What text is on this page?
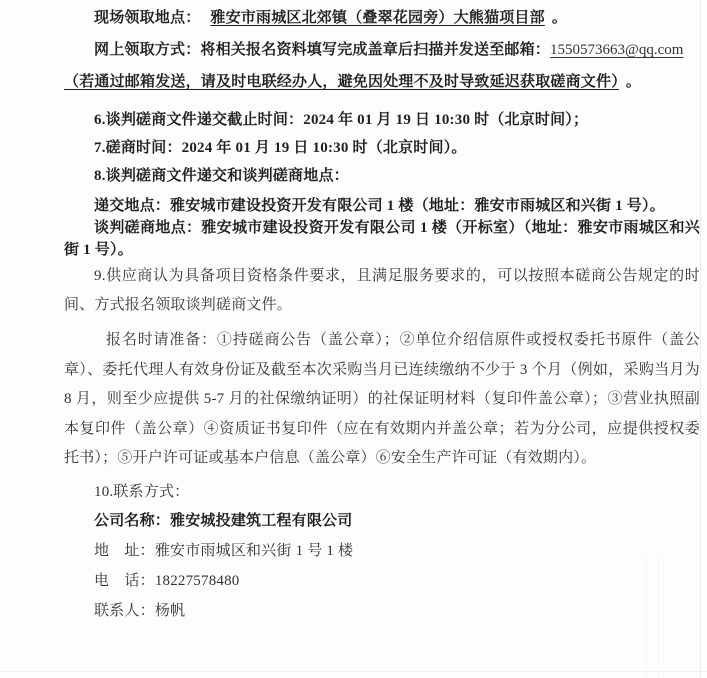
现场领取地点： 雅安市雨城区北郊镇（叠翠花园旁）大熊猫项目部 。

网上领取方式：将相关报名资料填写完成盖章后扫描并发送至邮箱：1550573663@qq.com

（若通过邮箱发送，请及时电联经办人，避免因处理不及时导致延迟获取磋商文件） 。

6.谈判磋商文件递交截止时间：2024 年 01 月 19 日 10:30 时（北京时间）；

7.磋商时间：2024 年 01 月 19 日 10:30 时（北京时间）。

8.谈判磋商文件递交和谈判磋商地点：

递交地点：雅安城市建设投资开发有限公司 1 楼（地址：雅安市雨城区和兴街 1 号）。

谈判磋商地点：雅安城市建设投资开发有限公司 1 楼（开标室）（地址：雅安市雨城区和兴街 1 号）。

9.供应商认为具备项目资格条件要求，且满足服务要求的，可以按照本磋商公告规定的时间、方式报名领取谈判磋商文件。

报名时请准备：①持磋商公告（盖公章）；②单位介绍信原件或授权委托书原件（盖公章）、委托代理人有效身份证及截至本次采购当月已连续缴纳不少于 3 个月（例如，采购当月为 8 月，则至少应提供 5-7 月的社保缴纳证明）的社保证明材料（复印件盖公章）；③营业执照副本复印件（盖公章）④资质证书复印件（应在有效期内并盖公章；若为分公司，应提供授权委托书）；⑤开户许可证或基本户信息（盖公章）⑥安全生产许可证（有效期内）。

10.联系方式：

公司名称：雅安城投建筑工程有限公司

地　址：雅安市雨城区和兴街 1 号 1 楼

电　话：18227578480

联系人：杨帆
